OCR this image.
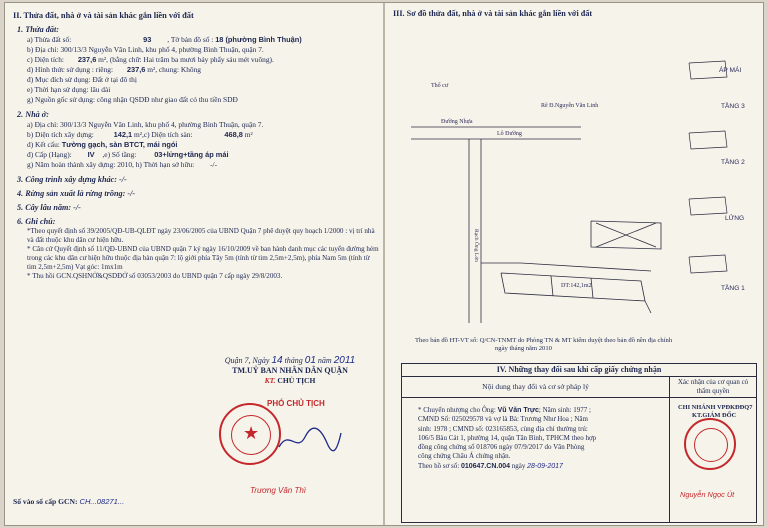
II. Thửa đất, nhà ở và tài sản khác gắn liền với đất
1. Thửa đất:
a) Thửa đất số:	93 , Tờ bản đồ số : 18 (phường Bình Thuận)
b) Địa chỉ: 300/13/3 Nguyễn Văn Linh, khu phố 4, phường Bình Thuận, quận 7.
c) Diện tích: 237,6 m², (bằng chữ: Hai trăm ba mươi bảy phẩy sáu mét vuông).
d) Hình thức sử dụng : riêng: 237,6 m², chung: Không
đ) Mục đích sử dụng: Đất ở tại đô thị
e) Thời hạn sử dụng: lâu dài
g) Nguồn gốc sử dụng: công nhận QSDĐ như giao đất có thu tiền SDĐ
2. Nhà ở:
a) Địa chỉ: 300/13/3 Nguyễn Văn Linh, khu phố 4, phường Bình Thuận, quận 7.
b) Diện tích xây dựng:	142,1 m²,c) Diện tích sàn:	468,8 m²
d) Kết cấu: Tường gạch, sàn BTCT, mái ngói
đ) Cấp (Hạng): IV ,e) Số tầng: 03+lửng+tầng áp mái
g) Năm hoàn thành xây dựng: 2010, h) Thời hạn sở hữu: -/-
3. Công trình xây dựng khác: -/-
4. Rừng sản xuất là rừng trồng: -/-
5. Cây lâu năm: -/-
6. Ghi chú:
*Theo quyết định số 39/2005/QĐ-UB-QLĐT ngày 23/06/2005 của UBND Quận 7 phê duyệt quy hoạch 1/2000 : vị trí nhà và đất thuộc khu dân cư hiện hữu.
* Căn cứ Quyết định số 11/QĐ-UBND của UBND quận 7 ký ngày 16/10/2009 về ban hành danh mục các tuyến đường hẻm trong các khu dân cư hiện hữu thuộc địa bàn quận 7: lộ giới phía Tây 5m (tính từ tim 2,5m+2,5m), phía Nam 5m (tính từ tim 2,5m+2,5m) Vạt góc: 1mx1m
* Thu hồi GCN.QSHNỞ&QSDĐỞ số 03053/2003 do UBND quận 7 cấp ngày 29/8/2003.
Quận 7, Ngày 14 tháng 01 năm 2011
TM.UỶ BAN NHÂN DÂN QUẬN
KT. CHỦ TỊCH
★
PHÓ CHỦ TỊCH
Trương Văn Thì
Số vào sổ cấp GCN: CH...08271...
III. Sơ đồ thửa đất, nhà ở và tài sản khác gắn liền với đất
Đường Nhựa
Lô Đường
Rẽ Đ.Nguyễn Văn Linh
Rạch Ông Lớn
DT:142,1m2
Thổ cư
ÁP MÁI
TẦNG 3
TẦNG 2
LỬNG
TẦNG 1
Theo bản đồ HT-VT số: Q/CN-TNMT do Phòng TN & MT kiểm duyệt theo bản đồ nền địa chính
ngày tháng năm 2010
IV. Những thay đổi sau khi cấp giấy chứng nhận
Nội dung thay đổi và cơ sở pháp lý	Xác nhận của cơ quan có thẩm quyền
* Chuyển nhượng cho Ông: Vũ Văn Trực; Năm sinh: 1977 ;
CMND Số: 025029578 và vợ là Bà: Trương Như Hoa ; Năm
sinh: 1978 ; CMND số: 023165853, cùng địa chỉ thường trú:
106/5 Bàu Cát 1, phường 14, quận Tân Bình, TPHCM theo hợp
đồng công chứng số 018706 ngày 07/9/2017 do Văn Phòng
công chứng Châu Á chứng nhận.
Theo hồ sơ số: 010647.CN.004 ngày 28-09-2017
CHI NHÁNH VPĐKĐĐQ7
KT.GIÁM ĐỐC
Nguyễn Ngọc Út
